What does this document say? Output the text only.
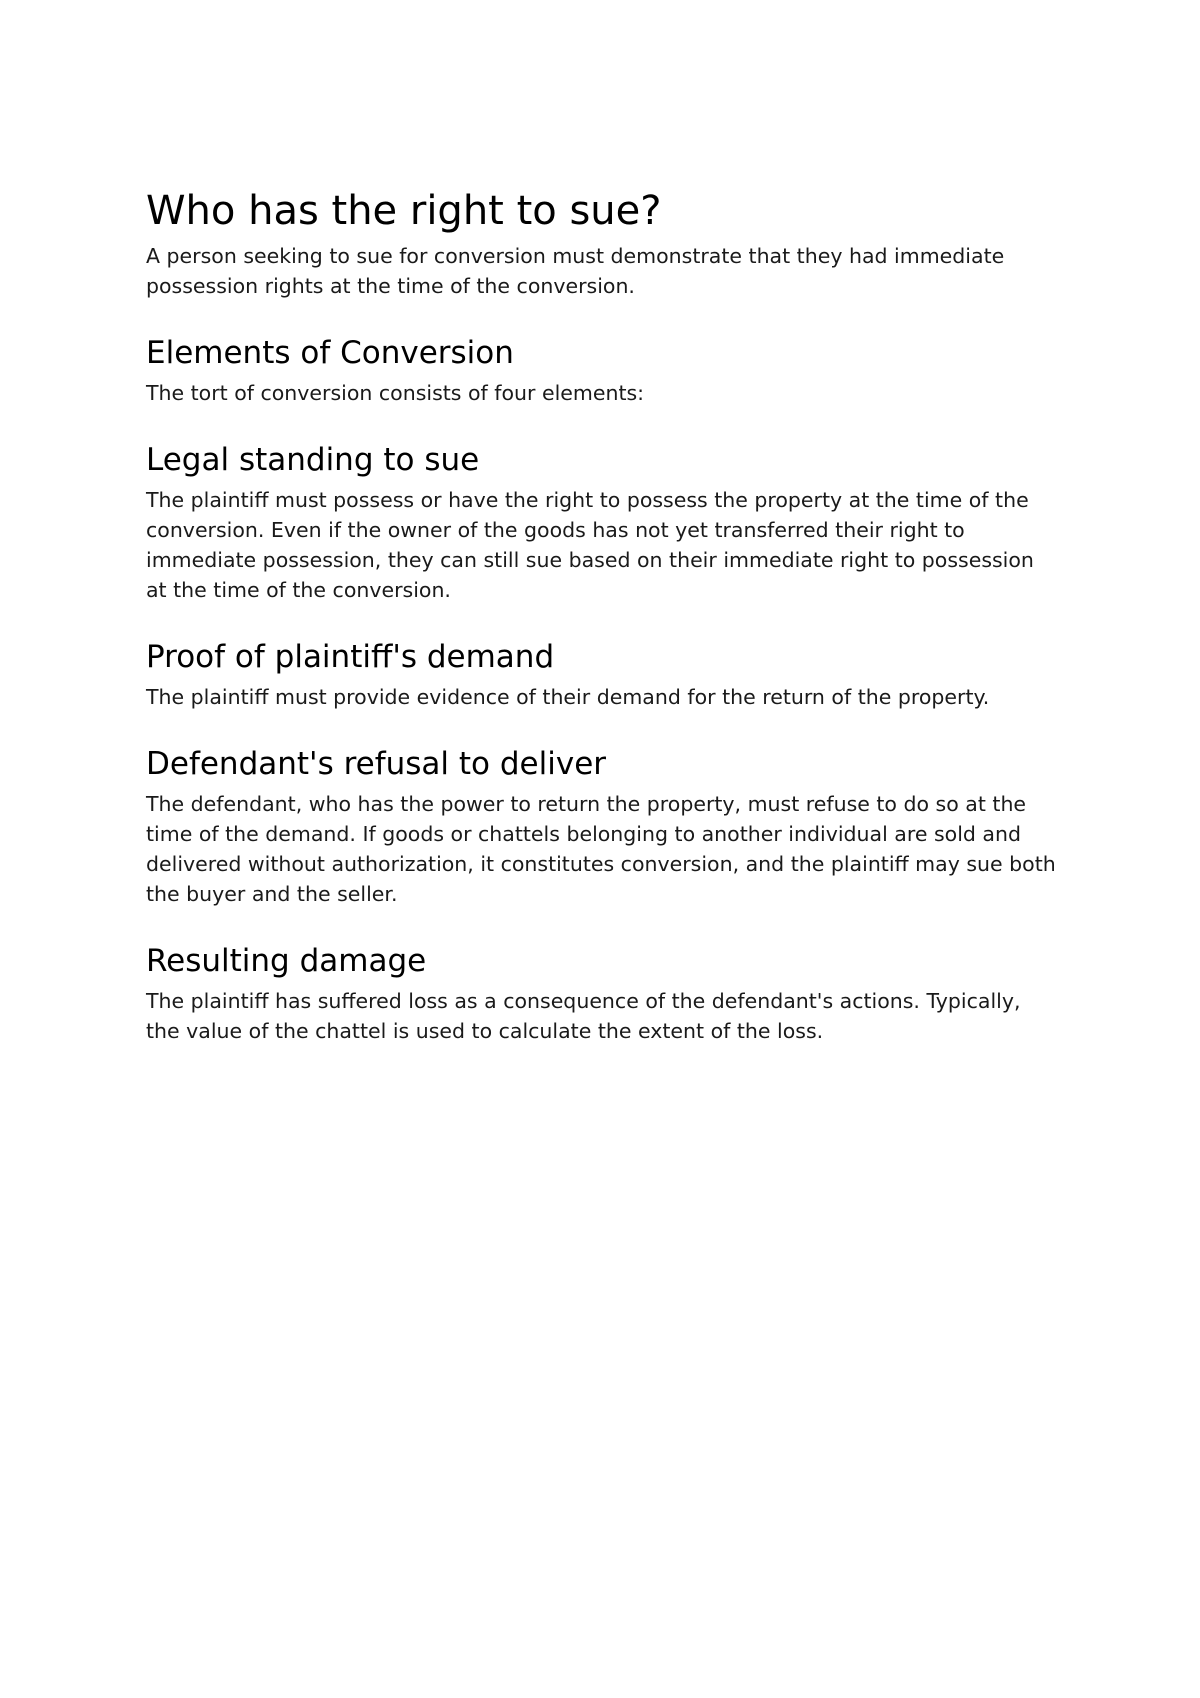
Who has the right to sue?

A person seeking to sue for conversion must demonstrate that they had immediate possession rights at the time of the conversion.

Elements of Conversion

The tort of conversion consists of four elements:

Legal standing to sue

The plaintiff must possess or have the right to possess the property at the time of the conversion. Even if the owner of the goods has not yet transferred their right to immediate possession, they can still sue based on their immediate right to possession at the time of the conversion.

Proof of plaintiff's demand

The plaintiff must provide evidence of their demand for the return of the property.

Defendant's refusal to deliver

The defendant, who has the power to return the property, must refuse to do so at the time of the demand. If goods or chattels belonging to another individual are sold and delivered without authorization, it constitutes conversion, and the plaintiff may sue both the buyer and the seller.

Resulting damage

The plaintiff has suffered loss as a consequence of the defendant's actions. Typically, the value of the chattel is used to calculate the extent of the loss.
